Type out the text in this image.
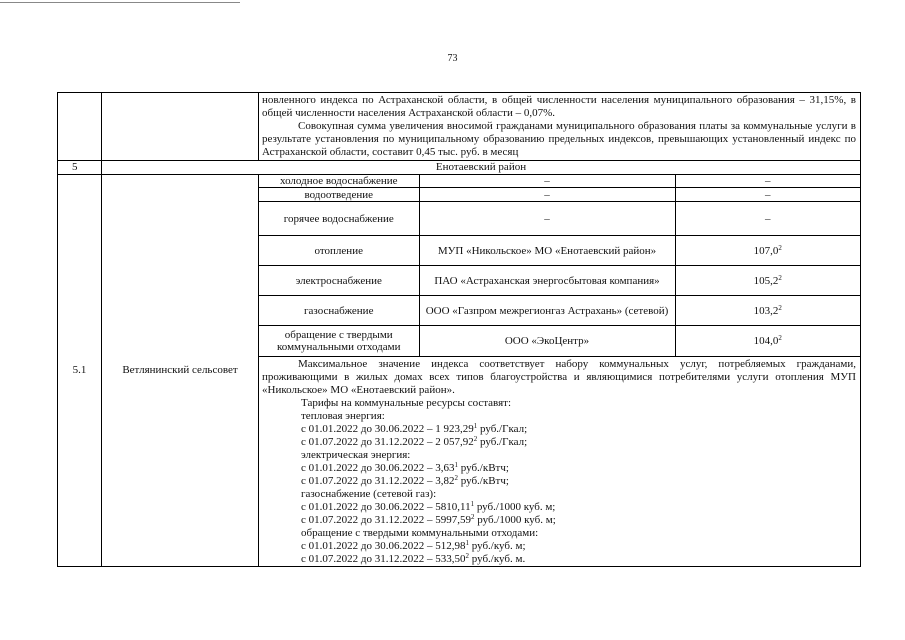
73

новленного индекса по Астраханской области, в общей численности населения муниципального образования – 31,15%, в общей численности населения Астраханской области – 0,07%.
Совокупная сумма увеличения вносимой гражданами муниципального образования платы за коммунальные услуги в результате установления по муниципальному образованию предельных индексов, превышающих установленный индекс по Астраханской области, составит 0,45 тыс. руб. в месяц

5	Енотаевский район
5.1	Ветлянинский сельсовет	
холодное водоснабжение	–	–
водоотведение	–	–
горячее водоснабжение	–	–
отопление	МУП «Никольское» МО «Енотаевский район»	107,0$^2$
электроснабжение	ПАО «Астраханская энергосбытовая компания»	105,2$^2$
газоснабжение	ООО «Газпром межрегионгаз Астрахань» (сетевой)	103,2$^2$
обращение с твердыми коммунальными отходами	ООО «ЭкоЦентр»	104,0$^2$

Максимальное значение индекса соответствует набору коммунальных услуг, потребляемых гражданами, проживающими в жилых домах всех типов благоустройства и являющимися потребителями услуги отопления МУП «Никольское» МО «Енотаевский район».

Тарифы на коммунальные ресурсы составят:
тепловая энергия:
с 01.01.2022 до 30.06.2022 – 1 923,29$^1$ руб./Гкал;
с 01.07.2022 до 31.12.2022 – 2 057,92$^2$ руб./Гкал;
электрическая энергия:
с 01.01.2022 до 30.06.2022 – 3,63$^1$ руб./кВтч;
с 01.07.2022 до 31.12.2022 – 3,82$^2$ руб./кВтч;
газоснабжение (сетевой газ):
с 01.01.2022 до 30.06.2022 – 5810,11$^1$ руб./1000 куб. м;
с 01.07.2022 до 31.12.2022 – 5997,59$^2$ руб./1000 куб. м;
обращение с твердыми коммунальными отходами:
с 01.01.2022 до 30.06.2022 – 512,98$^1$ руб./куб. м;
с 01.07.2022 до 31.12.2022 – 533,50$^2$ руб./куб. м.
